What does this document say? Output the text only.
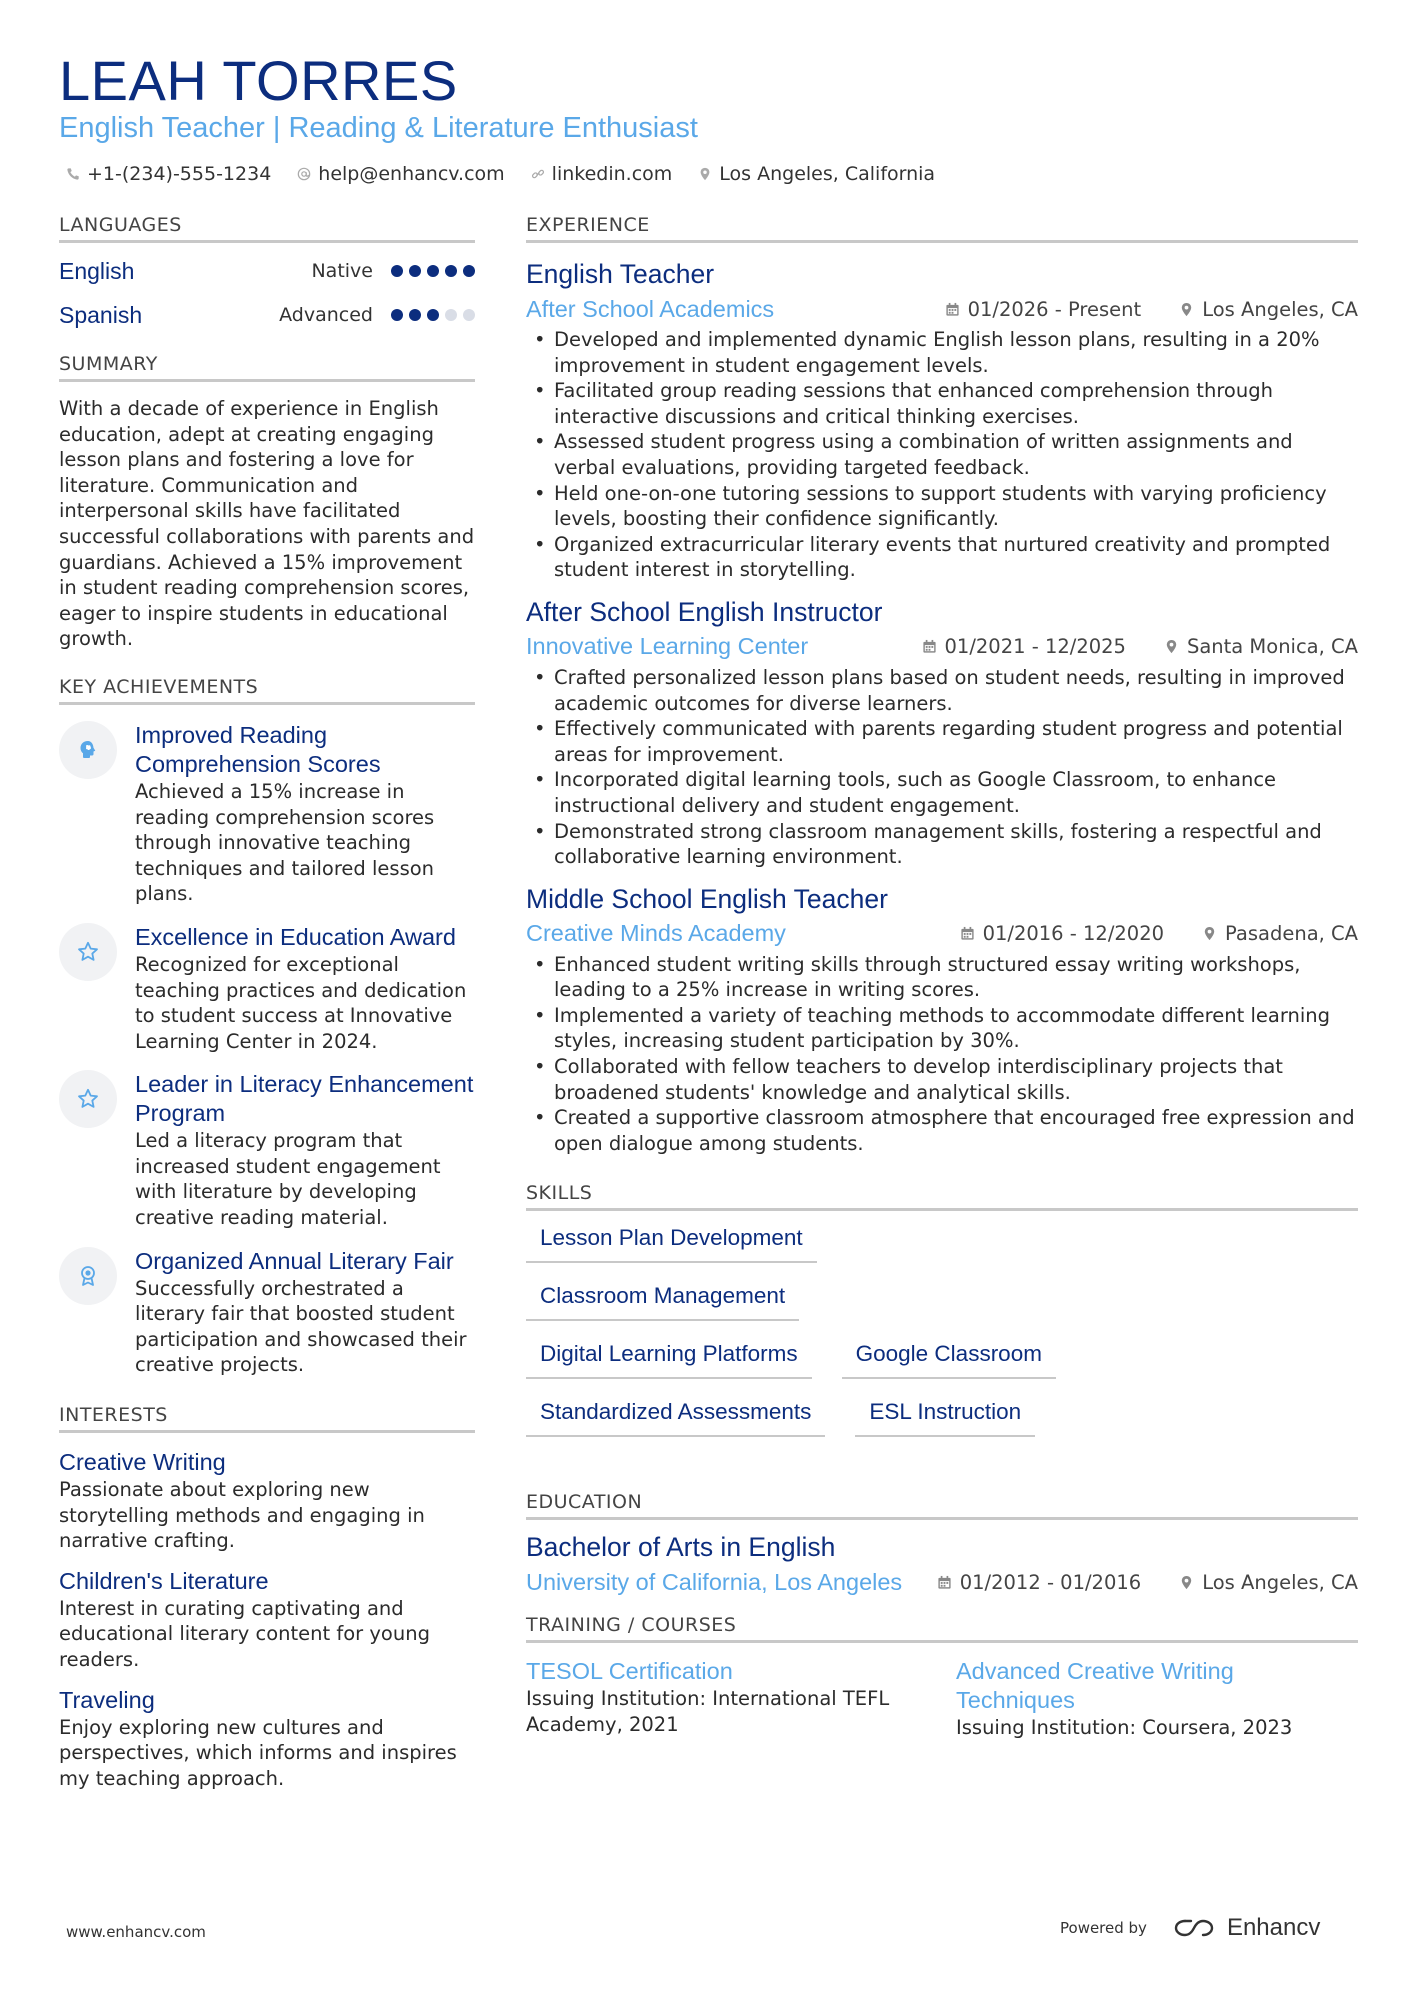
LEAH TORRES
English Teacher | Reading & Literature Enthusiast
+1-(234)-555-1234 help@enhancv.com linkedin.com Los Angeles, California
LANGUAGES
English	Native
Spanish	Advanced
SUMMARY
With a decade of experience in English education, adept at creating engaging lesson plans and fostering a love for literature. Communication and interpersonal skills have facilitated successful collaborations with parents and guardians. Achieved a 15% improvement in student reading comprehension scores, eager to inspire students in educational growth.
KEY ACHIEVEMENTS
Improved Reading Comprehension Scores
Achieved a 15% increase in reading comprehension scores through innovative teaching techniques and tailored lesson plans.
Excellence in Education Award
Recognized for exceptional teaching practices and dedication to student success at Innovative Learning Center in 2024.
Leader in Literacy Enhancement Program
Led a literacy program that increased student engagement with literature by developing creative reading material.
Organized Annual Literary Fair
Successfully orchestrated a literary fair that boosted student participation and showcased their creative projects.
INTERESTS
Creative Writing
Passionate about exploring new storytelling methods and engaging in narrative crafting.
Children's Literature
Interest in curating captivating and educational literary content for young readers.
Traveling
Enjoy exploring new cultures and perspectives, which informs and inspires my teaching approach.
EXPERIENCE
English Teacher
After School Academics	01/2026 - Present	Los Angeles, CA
• Developed and implemented dynamic English lesson plans, resulting in a 20% improvement in student engagement levels.
• Facilitated group reading sessions that enhanced comprehension through interactive discussions and critical thinking exercises.
• Assessed student progress using a combination of written assignments and verbal evaluations, providing targeted feedback.
• Held one-on-one tutoring sessions to support students with varying proficiency levels, boosting their confidence significantly.
• Organized extracurricular literary events that nurtured creativity and prompted student interest in storytelling.
After School English Instructor
Innovative Learning Center	01/2021 - 12/2025	Santa Monica, CA
• Crafted personalized lesson plans based on student needs, resulting in improved academic outcomes for diverse learners.
• Effectively communicated with parents regarding student progress and potential areas for improvement.
• Incorporated digital learning tools, such as Google Classroom, to enhance instructional delivery and student engagement.
• Demonstrated strong classroom management skills, fostering a respectful and collaborative learning environment.
Middle School English Teacher
Creative Minds Academy	01/2016 - 12/2020	Pasadena, CA
• Enhanced student writing skills through structured essay writing workshops, leading to a 25% increase in writing scores.
• Implemented a variety of teaching methods to accommodate different learning styles, increasing student participation by 30%.
• Collaborated with fellow teachers to develop interdisciplinary projects that broadened students' knowledge and analytical skills.
• Created a supportive classroom atmosphere that encouraged free expression and open dialogue among students.
SKILLS
Lesson Plan Development
Classroom Management
Digital Learning Platforms	Google Classroom
Standardized Assessments	ESL Instruction
EDUCATION
Bachelor of Arts in English
University of California, Los Angeles	01/2012 - 01/2016	Los Angeles, CA
TRAINING / COURSES
TESOL Certification
Issuing Institution: International TEFL Academy, 2021
Advanced Creative Writing Techniques
Issuing Institution: Coursera, 2023
www.enhancv.com	Powered by	Enhancv
